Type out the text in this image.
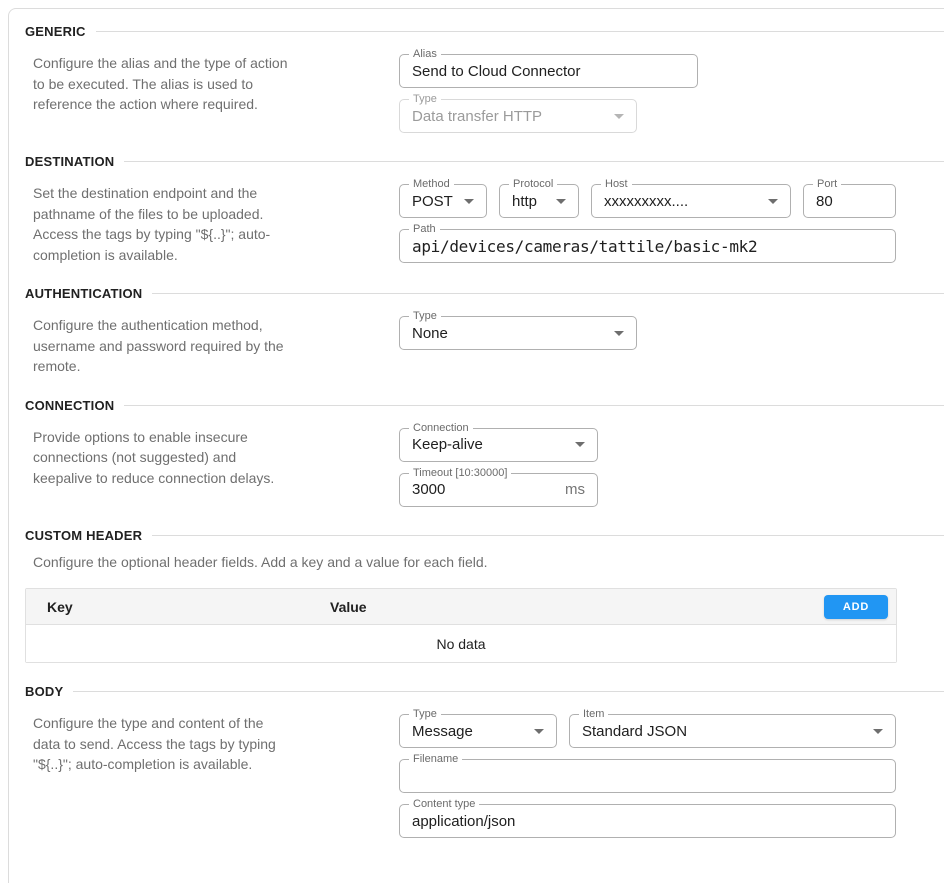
GENERIC

Configure the alias and the type of action to be executed. The alias is used to reference the action where required.

Alias
Send to Cloud Connector
Type
Data transfer HTTP
DESTINATION

Set the destination endpoint and the pathname of the files to be uploaded. Access the tags by typing "${..}"; auto-completion is available.

Method
POST
Protocol
http
Host
xxxxxxxxx....
Port
80
Path
api/devices/cameras/tattile/basic-mk2
AUTHENTICATION

Configure the authentication method, username and password required by the remote.

Type
None
CONNECTION

Provide options to enable insecure connections (not suggested) and keepalive to reduce connection delays.

Connection
Keep-alive
Timeout [10:30000]
3000
ms
CUSTOM HEADER

Configure the optional header fields. Add a key and a value for each field.

Key	Value	ADD
No data
BODY

Configure the type and content of the data to send. Access the tags by typing "${..}"; auto-completion is available.

Type
Message
Item
Standard JSON
Filename
Content type
application/json
